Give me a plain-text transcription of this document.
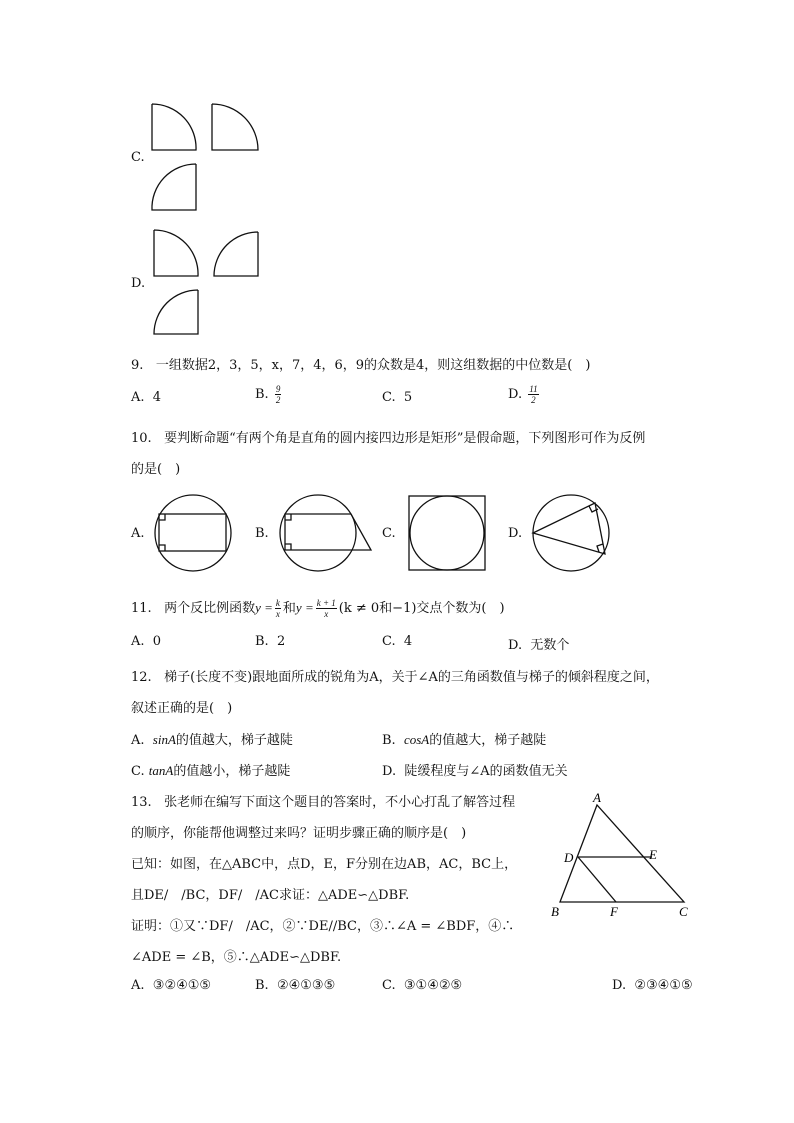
C.
D.
9. 一组数据2，3，5，x，7，4，6，9的众数是4，则这组数据的中位数是(　)
A. 4	B. $\frac{9}{2}$	C. 5	D. $\frac{11}{2}$
10. 要判断命题“有两个角是直角的圆内接四边形是矩形”是假命题，下列图形可作为反例
的是(　)
A.	B.	C.	D.
11. 两个反比例函数$y = \frac{k}{x}$ 和$y = \frac{k + 1}{x} (k \ne 0$和−1)交点个数为(　)
A. 0	B. 2	C. 4	D. 无数个
12. 梯子(长度不变)跟地面所成的锐角为A，关于∠A的三角函数值与梯子的倾斜程度之间，
叙述正确的是(　)
A. sinA的值越大，梯子越陡	B. cosA的值越大，梯子越陡
C. tanA的值越小，梯子越陡	D. 陡缓程度与∠A的函数值无关
13. 张老师在编写下面这个题目的答案时，不小心打乱了解答过程
的顺序，你能帮他调整过来吗？证明步骤正确的顺序是(　)
已知：如图，在△ABC中，点D，E，F分别在边AB，AC，BC上，
且DE/　/BC，DF/　/AC求证：△ADE∽△DBF.
证明：①又∵DF/　/AC，②∵DE//BC，③∴∠A = ∠BDF，④∴
∠ADE = ∠B，⑤∴△ADE∽△DBF.
A. ③②④①⑤	B. ②④①③⑤	C. ③①④②⑤	D. ②③④①⑤
A
D	E
B	F	C
